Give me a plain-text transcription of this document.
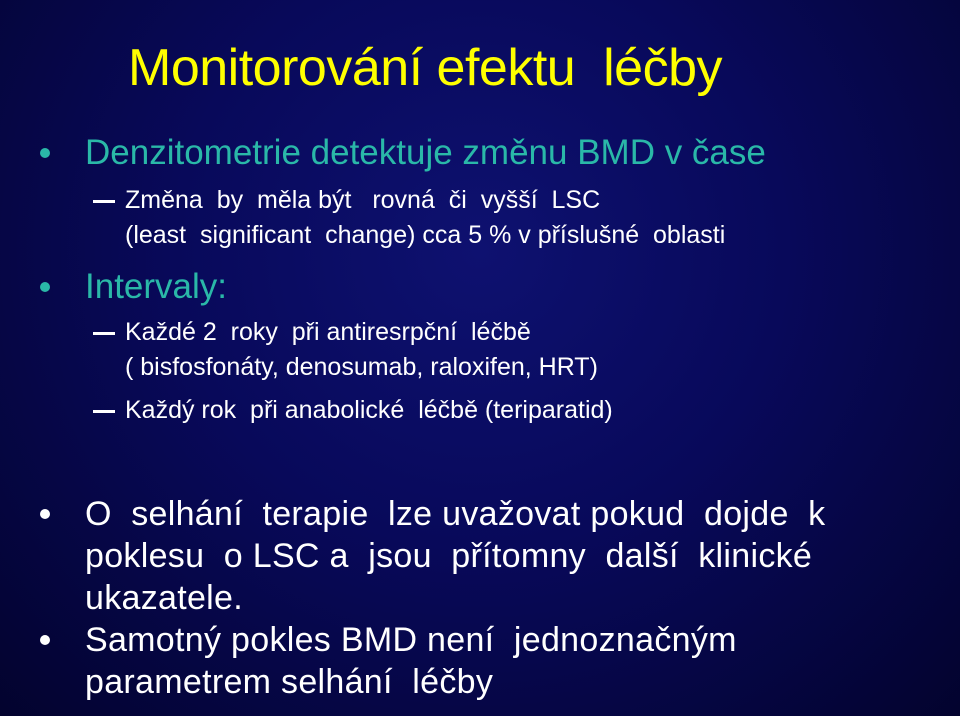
Monitorování efektu  léčby

Denzitometrie detektuje změnu BMD v čase

Změna  by  měla být   rovná  či  vyšší  LSC

(least  significant  change) cca 5 % v příslušné  oblasti

Intervaly:

Každé 2  roky  při antiresrpční  léčbě

( bisfosfonáty, denosumab, raloxifen, HRT)

Každý rok  při anabolické  léčbě (teriparatid)

O  selhání  terapie  lze uvažovat pokud  dojde  k

poklesu  o LSC a  jsou  přítomny  další  klinické

ukazatele.

Samotný pokles BMD není  jednoznačným

parametrem selhání  léčby
